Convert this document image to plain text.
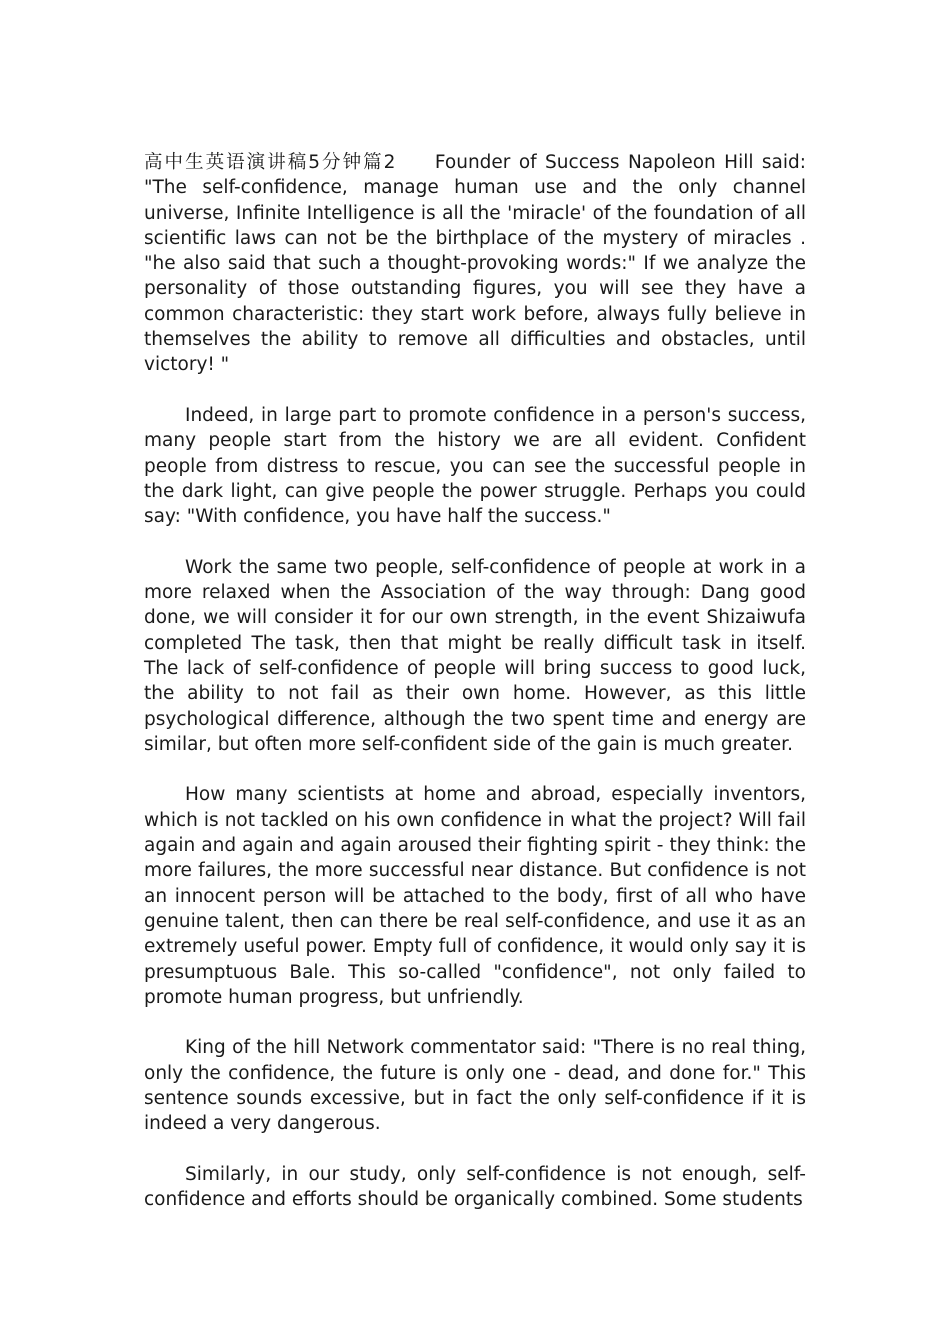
高中生英语演讲稿5分钟篇2 Founder of Success Napoleon Hill said: "The self-confidence, manage human use and the only channel universe, Infinite Intelligence is all the 'miracle' of the foundation of all scientific laws can not be the birthplace of the mystery of miracles . "he also said that such a thought-provoking words:" If we analyze the personality of those outstanding figures, you will see they have a common characteristic: they start work before, always fully believe in themselves the ability to remove all difficulties and obstacles, until victory! "

Indeed, in large part to promote confidence in a person's success, many people start from the history we are all evident. Confident people from distress to rescue, you can see the successful people in the dark light, can give people the power struggle. Perhaps you could say: "With confidence, you have half the success."

Work the same two people, self-confidence of people at work in a more relaxed when the Association of the way through: Dang good done, we will consider it for our own strength, in the event Shizaiwufa completed The task, then that might be really difficult task in itself. The lack of self-confidence of people will bring success to good luck, the ability to not fail as their own home. However, as this little psychological difference, although the two spent time and energy are similar, but often more self-confident side of the gain is much greater.

How many scientists at home and abroad, especially inventors, which is not tackled on his own confidence in what the project? Will fail again and again and again aroused their fighting spirit - they think: the more failures, the more successful near distance. But confidence is not an innocent person will be attached to the body, first of all who have genuine talent, then can there be real self-confidence, and use it as an extremely useful power. Empty full of confidence, it would only say it is presumptuous Bale. This so-called "confidence", not only failed to promote human progress, but unfriendly.

King of the hill Network commentator said: "There is no real thing, only the confidence, the future is only one - dead, and done for." This sentence sounds excessive, but in fact the only self-confidence if it is indeed a very dangerous.

Similarly, in our study, only self-confidence is not enough, self-confidence and efforts should be organically combined. Some students
